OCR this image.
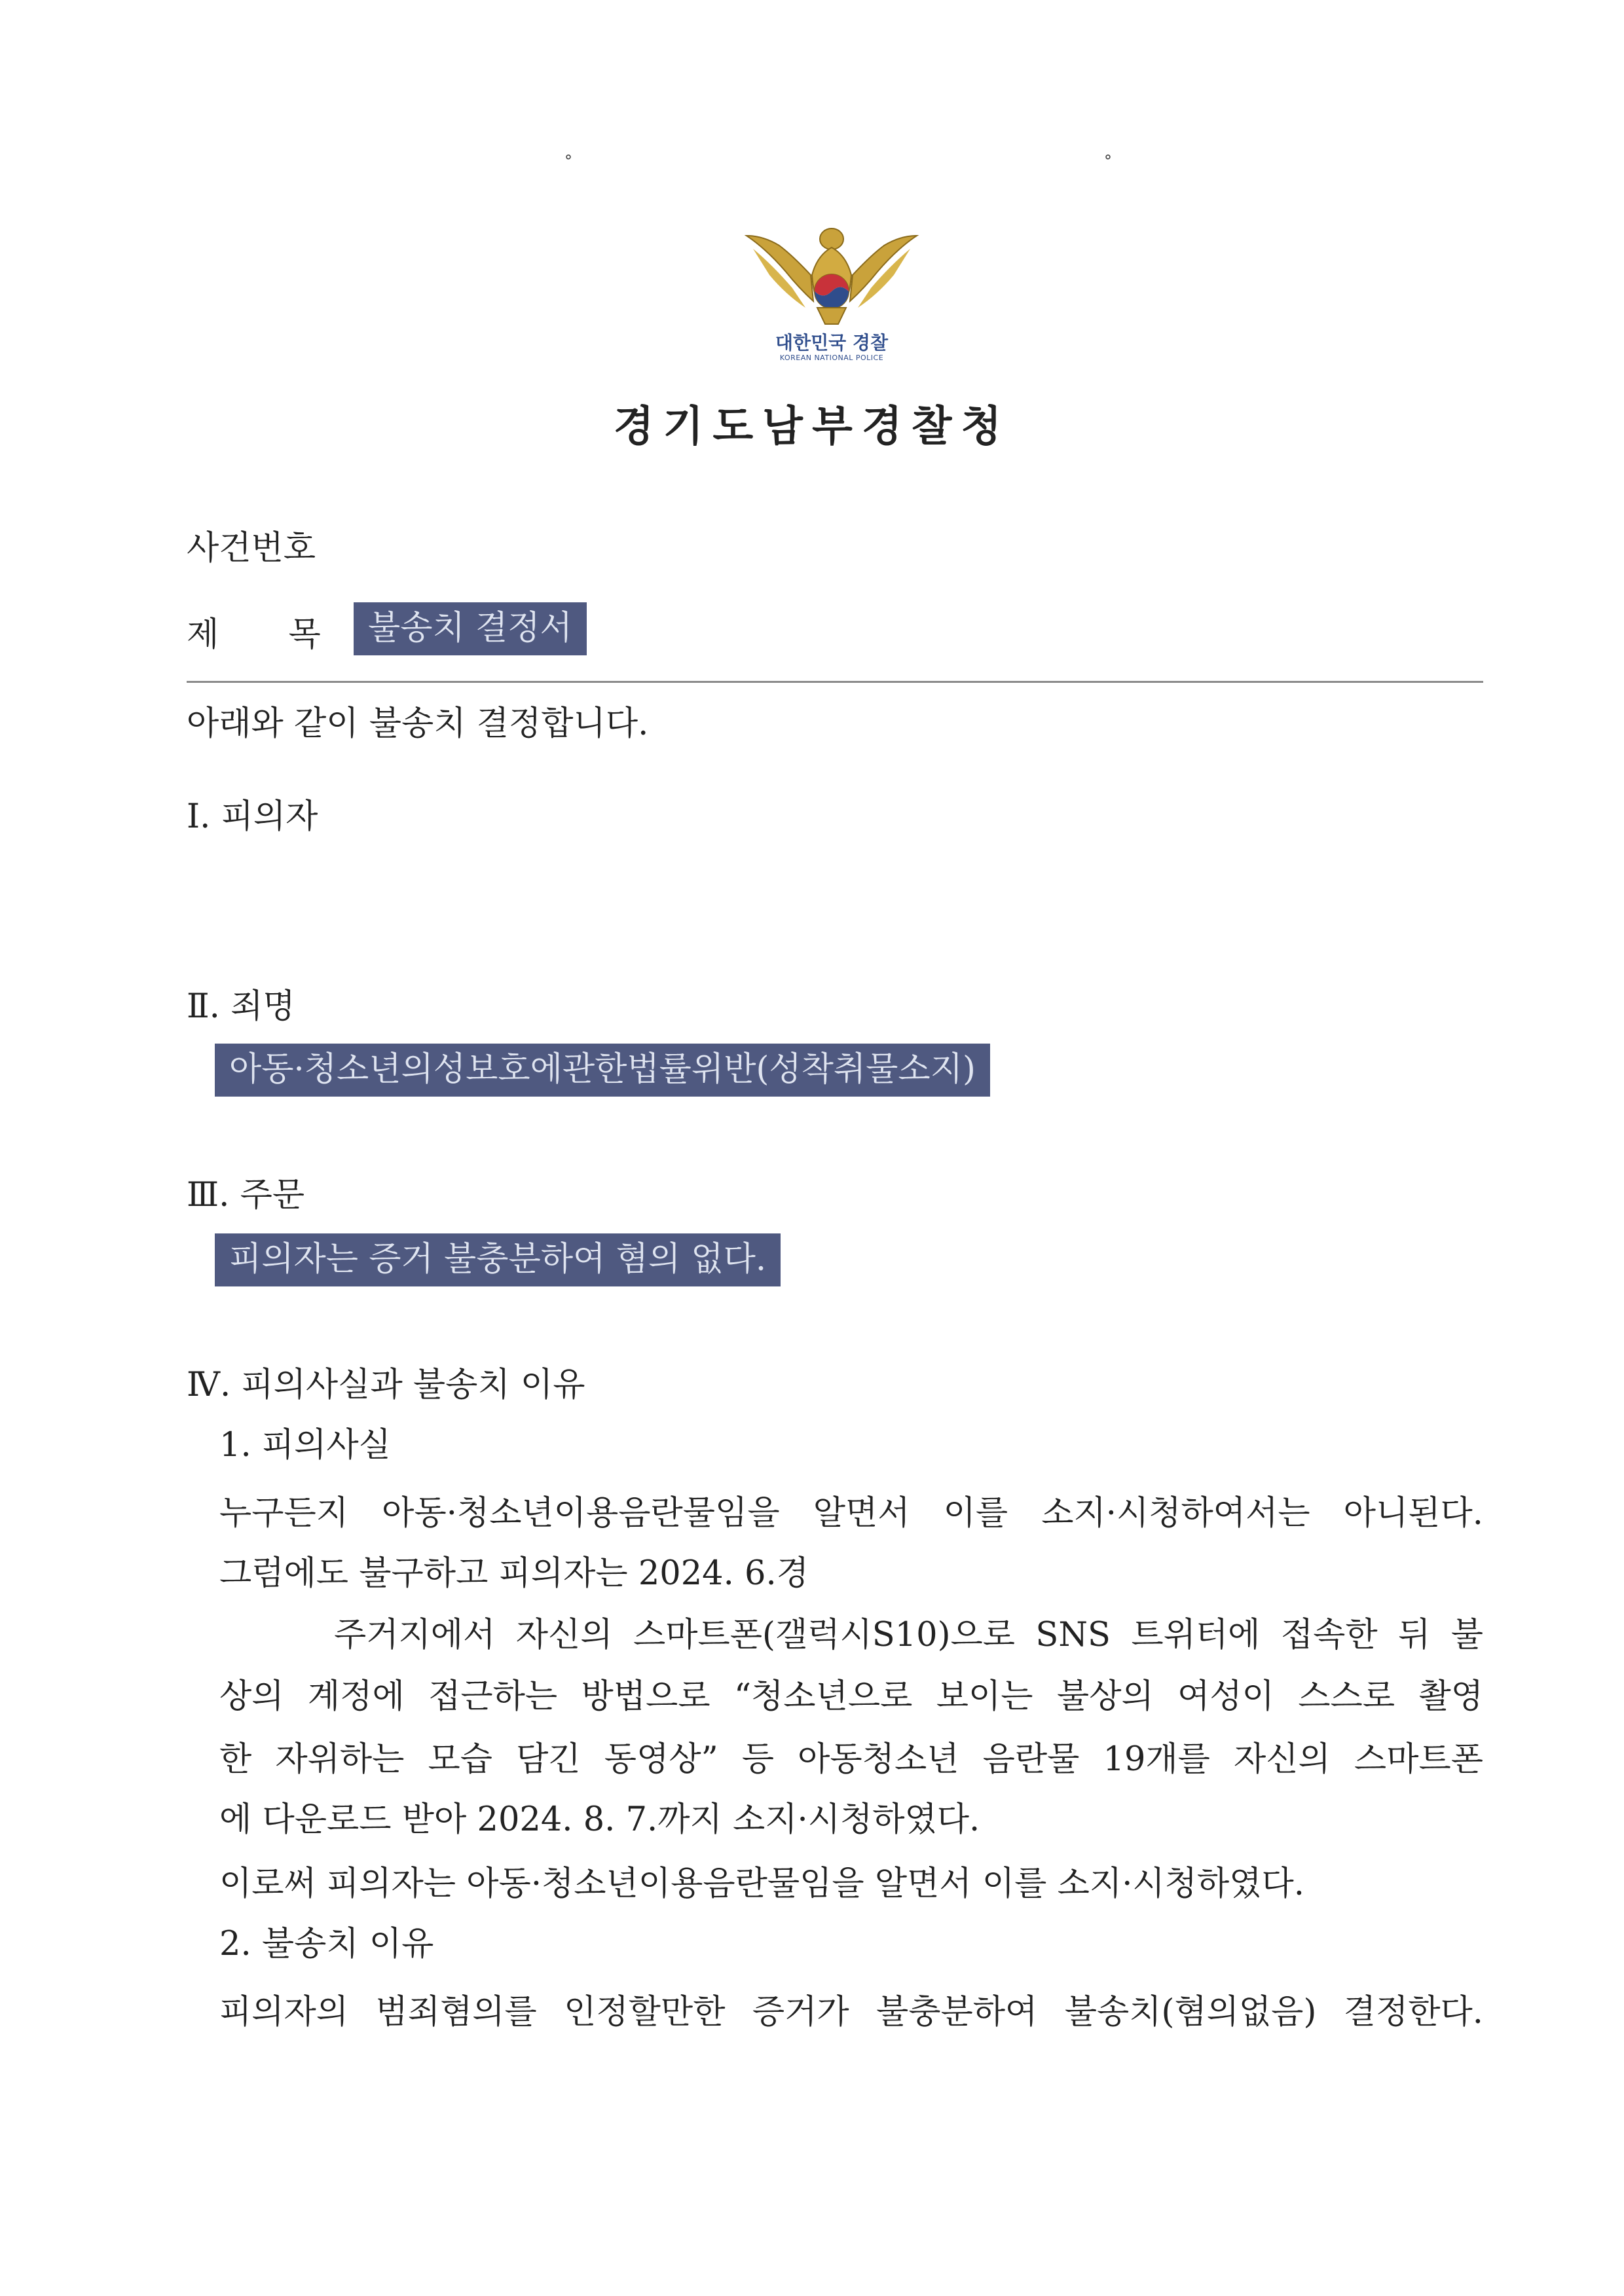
°	°
대한민국 경찰
KOREAN NATIONAL POLICE
경기도남부경찰청
사건번호
제 목	불송치 결정서
아래와 같이 불송치 결정합니다.
Ⅰ. 피의자
Ⅱ. 죄명
아동·청소년의성보호에관한법률위반(성착취물소지)
Ⅲ. 주문
피의자는 증거 불충분하여 혐의 없다.
Ⅳ. 피의사실과 불송치 이유
1. 피의사실
누구든지 아동·청소년이용음란물임을 알면서 이를 소지·시청하여서는 아니된다.
그럼에도 불구하고 피의자는 2024. 6.경
주거지에서 자신의 스마트폰(갤럭시S10)으로 SNS 트위터에 접속한 뒤 불
상의 계정에 접근하는 방법으로 “청소년으로 보이는 불상의 여성이 스스로 촬영
한 자위하는 모습 담긴 동영상” 등 아동청소년 음란물 19개를 자신의 스마트폰
에 다운로드 받아 2024. 8. 7.까지 소지·시청하였다.
이로써 피의자는 아동·청소년이용음란물임을 알면서 이를 소지·시청하였다.
2. 불송치 이유
피의자의 범죄혐의를 인정할만한 증거가 불충분하여 불송치(혐의없음) 결정한다.
